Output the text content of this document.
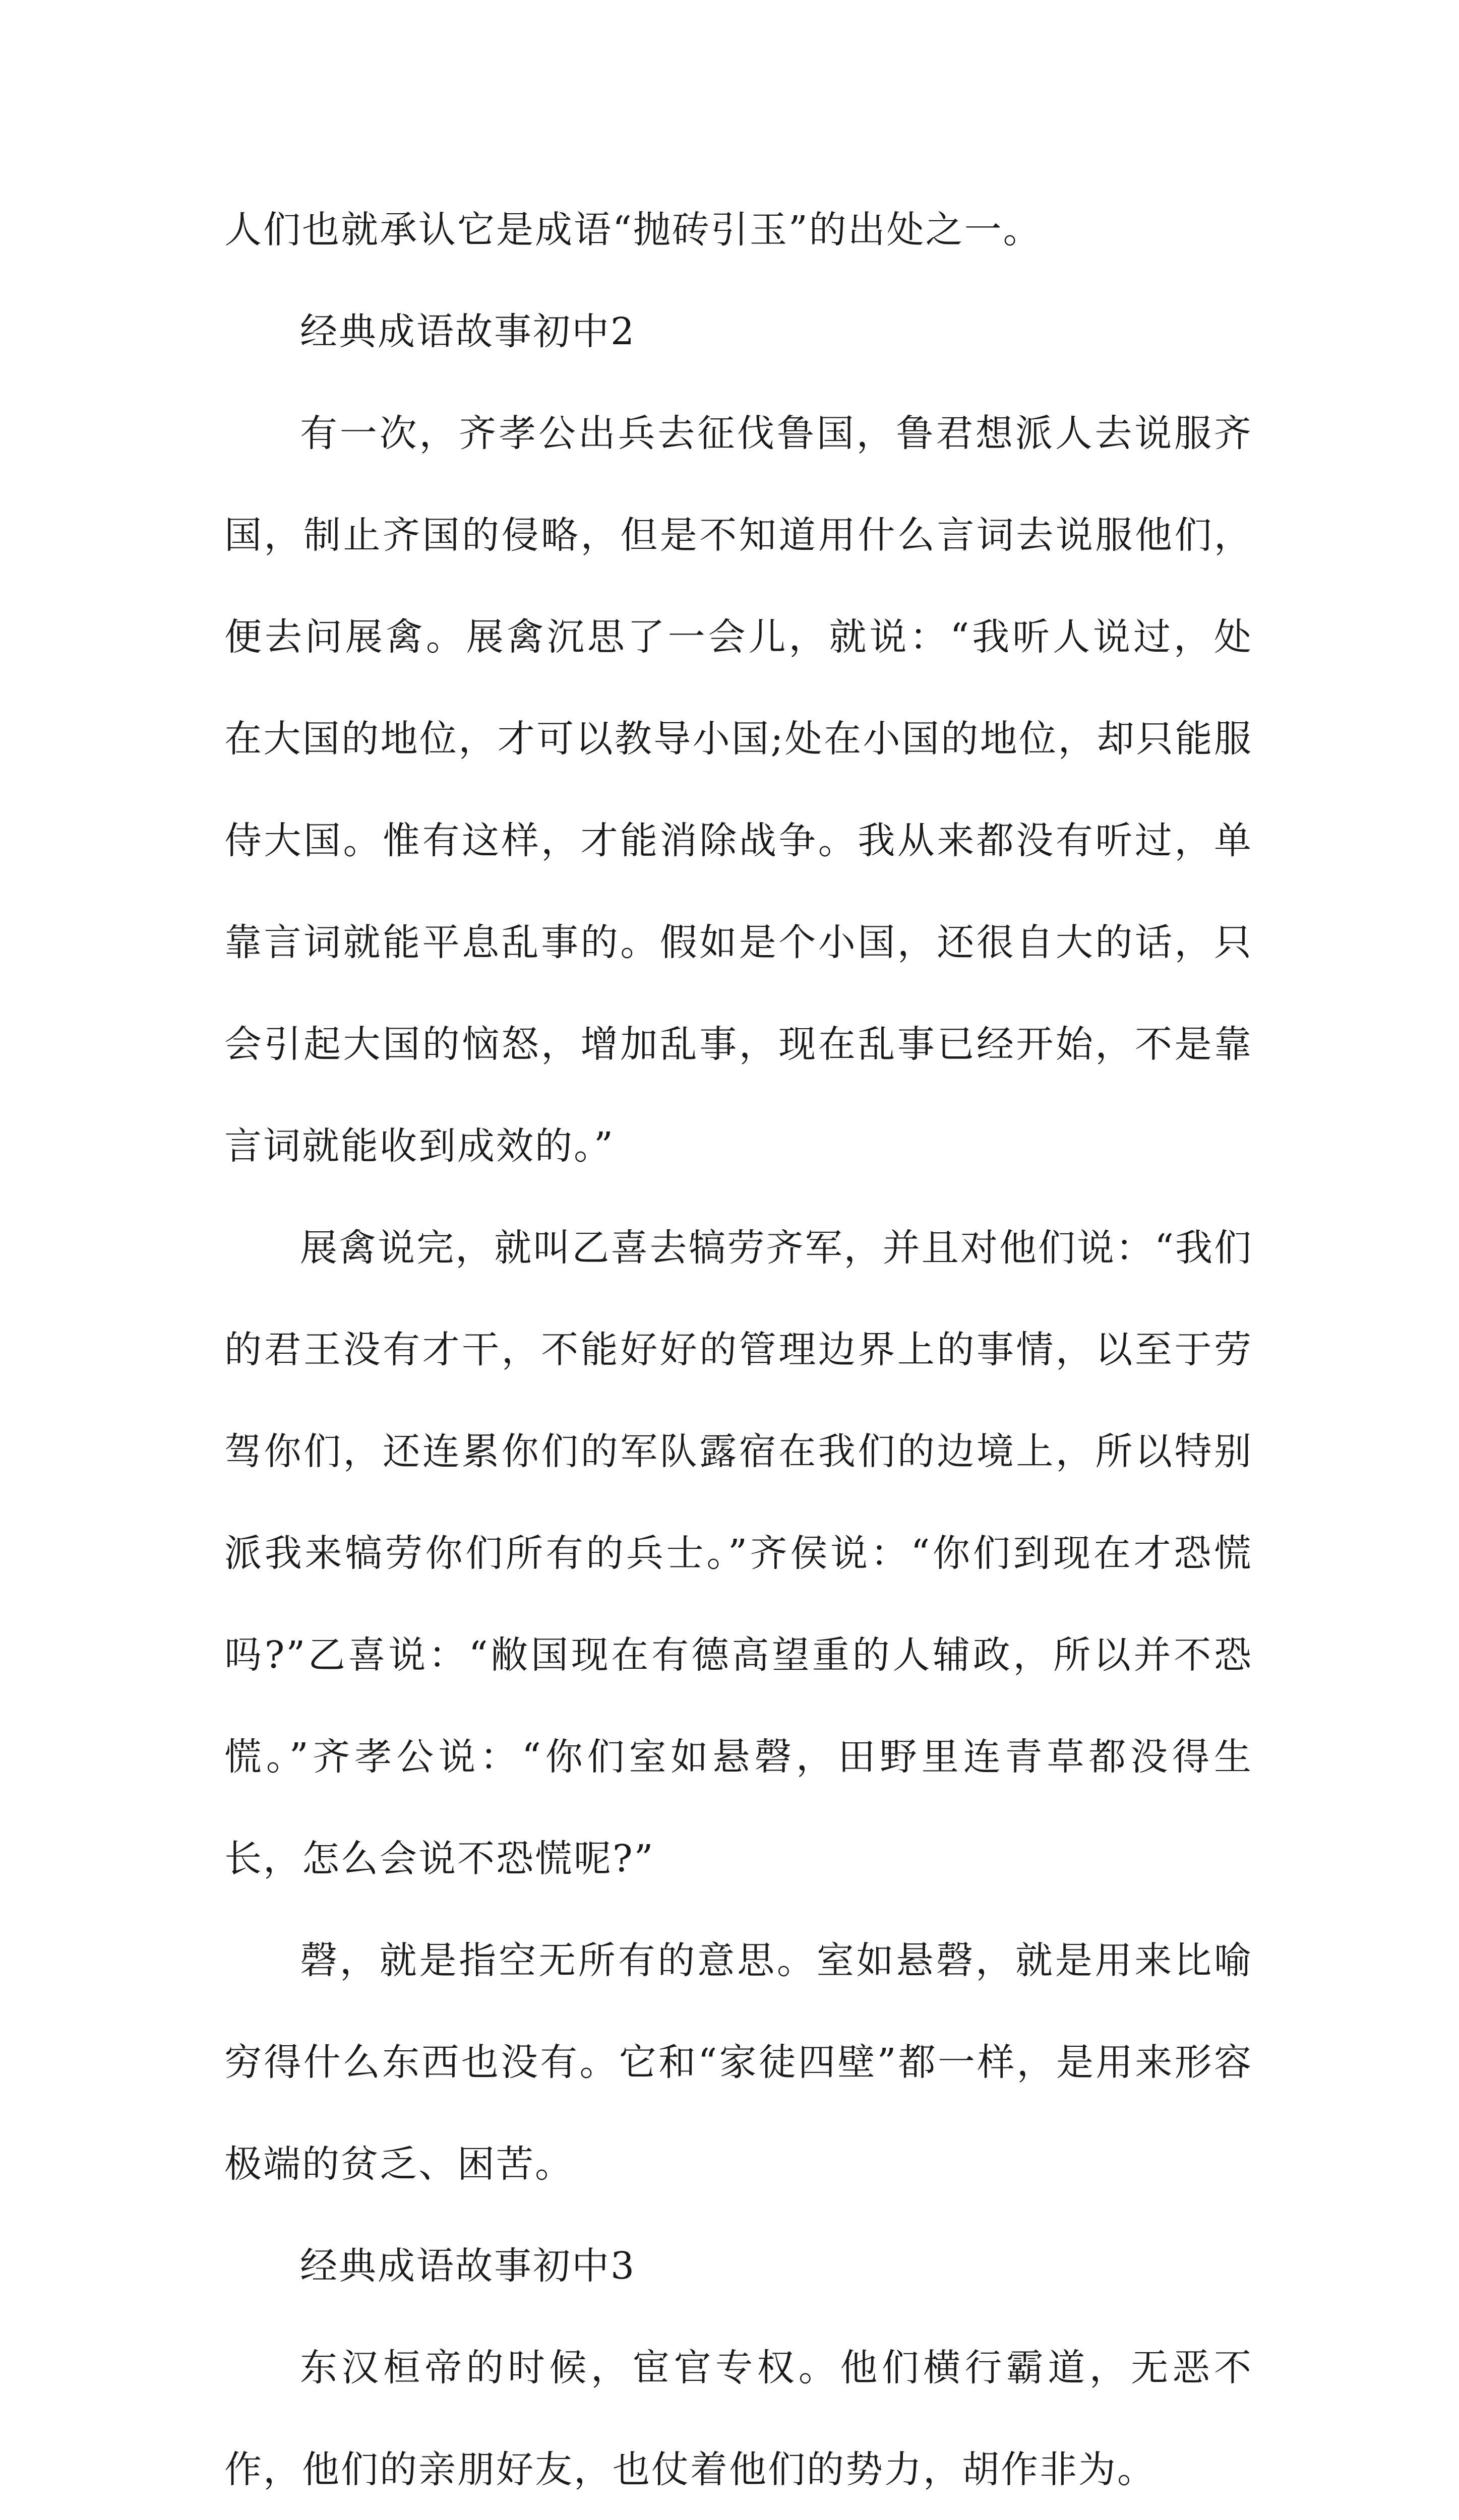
人们也就承认它是成语“抛砖引玉”的出处之一。

经典成语故事初中2

有一次，齐孝公出兵去征伐鲁国，鲁君想派人去说服齐国，制止齐国的侵略，但是不知道用什么言词去说服他们，便去问展禽。展禽沉思了一会儿，就说：“我听人说过，处在大国的地位，才可以教导小国;处在小国的地位，却只能服侍大国。惟有这样，才能消除战争。我从来都没有听过，单靠言词就能平息乱事的。假如是个小国，还很自大的话，只会引起大国的恼怒，增加乱事，现在乱事已经开始，不是靠言词就能收到成效的。”

展禽说完，就叫乙喜去犒劳齐军，并且对他们说：“我们的君王没有才干，不能好好的管理边界上的事情，以至于劳驾你们，还连累你们的军队露宿在我们的边境上，所以特别派我来犒劳你们所有的兵士。”齐侯说：“你们到现在才恐慌吗?”乙喜说：“敝国现在有德高望重的人辅政，所以并不恐慌。”齐孝公说：“你们室如悬磬，田野里连青草都没得生长，怎么会说不恐慌呢?”

磬，就是指空无所有的意思。室如悬磬，就是用来比喻穷得什么东西也没有。它和“家徒四壁”都一样，是用来形容极端的贫乏、困苦。

经典成语故事初中3

东汉桓帝的时候，宦官专权。他们横行霸道，无恶不作，他们的亲朋好友，也仗着他们的势力，胡作非为。
